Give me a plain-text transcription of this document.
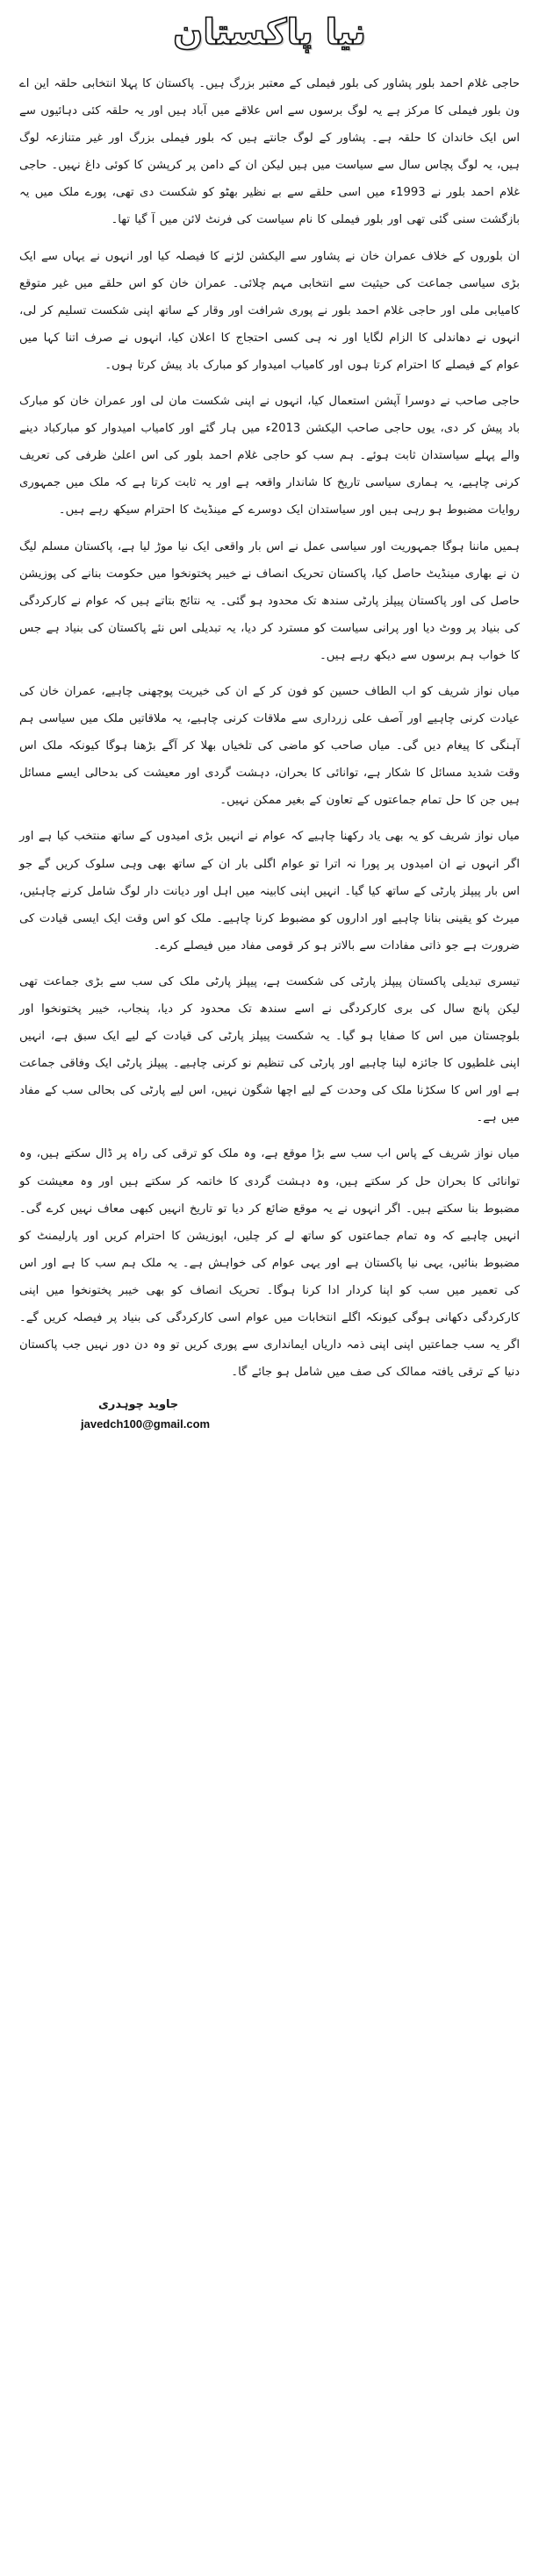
نیا پاکستان

حاجی غلام احمد بلور پشاور کی بلور فیملی کے معتبر بزرگ ہیں۔ پاکستان کا پہلا انتخابی حلقہ این اے ون بلور فیملی کا مرکز ہے یہ لوگ برسوں سے اس علاقے میں آباد ہیں اور یہ حلقہ کئی دہائیوں سے اس ایک خاندان کا حلقہ ہے۔ پشاور کے لوگ جانتے ہیں کہ بلور فیملی بزرگ اور غیر متنازعہ لوگ ہیں، یہ لوگ پچاس سال سے سیاست میں ہیں لیکن ان کے دامن پر کرپشن کا کوئی داغ نہیں۔ حاجی غلام احمد بلور نے 1993ء میں اسی حلقے سے بے نظیر بھٹو کو شکست دی تھی، پورے ملک میں یہ بازگشت سنی گئی تھی اور بلور فیملی کا نام سیاست کی فرنٹ لائن میں آ گیا تھا۔

ان بلوروں کے خلاف عمران خان نے پشاور سے الیکشن لڑنے کا فیصلہ کیا اور انہوں نے یہاں سے ایک بڑی سیاسی جماعت کی حیثیت سے انتخابی مہم چلائی۔ عمران خان کو اس حلقے میں غیر متوقع کامیابی ملی اور حاجی غلام احمد بلور نے پوری شرافت اور وقار کے ساتھ اپنی شکست تسلیم کر لی، انہوں نے دھاندلی کا الزام لگایا اور نہ ہی کسی احتجاج کا اعلان کیا، انہوں نے صرف اتنا کہا میں عوام کے فیصلے کا احترام کرتا ہوں اور کامیاب امیدوار کو مبارک باد پیش کرتا ہوں۔

حاجی صاحب نے دوسرا آپشن استعمال کیا، انہوں نے اپنی شکست مان لی اور عمران خان کو مبارک باد پیش کر دی، یوں حاجی صاحب الیکشن 2013ء میں ہار گئے اور کامیاب امیدوار کو مبارکباد دینے والے پہلے سیاستدان ثابت ہوئے۔ ہم سب کو حاجی غلام احمد بلور کی اس اعلیٰ ظرفی کی تعریف کرنی چاہیے، یہ ہماری سیاسی تاریخ کا شاندار واقعہ ہے اور یہ ثابت کرتا ہے کہ ملک میں جمہوری روایات مضبوط ہو رہی ہیں اور سیاستدان ایک دوسرے کے مینڈیٹ کا احترام سیکھ رہے ہیں۔

ہمیں ماننا ہوگا جمہوریت اور سیاسی عمل نے اس بار واقعی ایک نیا موڑ لیا ہے، پاکستان مسلم لیگ ن نے بھاری مینڈیٹ حاصل کیا، پاکستان تحریک انصاف نے خیبر پختونخوا میں حکومت بنانے کی پوزیشن حاصل کی اور پاکستان پیپلز پارٹی سندھ تک محدود ہو گئی۔ یہ نتائج بتاتے ہیں کہ عوام نے کارکردگی کی بنیاد پر ووٹ دیا اور پرانی سیاست کو مسترد کر دیا، یہ تبدیلی اس نئے پاکستان کی بنیاد ہے جس کا خواب ہم برسوں سے دیکھ رہے ہیں۔

میاں نواز شریف کو اب الطاف حسین کو فون کر کے ان کی خیریت پوچھنی چاہیے، عمران خان کی عیادت کرنی چاہیے اور آصف علی زرداری سے ملاقات کرنی چاہیے، یہ ملاقاتیں ملک میں سیاسی ہم آہنگی کا پیغام دیں گی۔ میاں صاحب کو ماضی کی تلخیاں بھلا کر آگے بڑھنا ہوگا کیونکہ ملک اس وقت شدید مسائل کا شکار ہے، توانائی کا بحران، دہشت گردی اور معیشت کی بدحالی ایسے مسائل ہیں جن کا حل تمام جماعتوں کے تعاون کے بغیر ممکن نہیں۔

میاں نواز شریف کو یہ بھی یاد رکھنا چاہیے کہ عوام نے انہیں بڑی امیدوں کے ساتھ منتخب کیا ہے اور اگر انہوں نے ان امیدوں پر پورا نہ اترا تو عوام اگلی بار ان کے ساتھ بھی وہی سلوک کریں گے جو اس بار پیپلز پارٹی کے ساتھ کیا گیا۔ انہیں اپنی کابینہ میں اہل اور دیانت دار لوگ شامل کرنے چاہئیں، میرٹ کو یقینی بنانا چاہیے اور اداروں کو مضبوط کرنا چاہیے۔ ملک کو اس وقت ایک ایسی قیادت کی ضرورت ہے جو ذاتی مفادات سے بالاتر ہو کر قومی مفاد میں فیصلے کرے۔

تیسری تبدیلی پاکستان پیپلز پارٹی کی شکست ہے، پیپلز پارٹی ملک کی سب سے بڑی جماعت تھی لیکن پانچ سال کی بری کارکردگی نے اسے سندھ تک محدود کر دیا، پنجاب، خیبر پختونخوا اور بلوچستان میں اس کا صفایا ہو گیا۔ یہ شکست پیپلز پارٹی کی قیادت کے لیے ایک سبق ہے، انہیں اپنی غلطیوں کا جائزہ لینا چاہیے اور پارٹی کی تنظیم نو کرنی چاہیے۔ پیپلز پارٹی ایک وفاقی جماعت ہے اور اس کا سکڑنا ملک کی وحدت کے لیے اچھا شگون نہیں، اس لیے پارٹی کی بحالی سب کے مفاد میں ہے۔

میاں نواز شریف کے پاس اب سب سے بڑا موقع ہے، وہ ملک کو ترقی کی راہ پر ڈال سکتے ہیں، وہ توانائی کا بحران حل کر سکتے ہیں، وہ دہشت گردی کا خاتمہ کر سکتے ہیں اور وہ معیشت کو مضبوط بنا سکتے ہیں۔ اگر انہوں نے یہ موقع ضائع کر دیا تو تاریخ انہیں کبھی معاف نہیں کرے گی۔ انہیں چاہیے کہ وہ تمام جماعتوں کو ساتھ لے کر چلیں، اپوزیشن کا احترام کریں اور پارلیمنٹ کو مضبوط بنائیں، یہی نیا پاکستان ہے اور یہی عوام کی خواہش ہے۔ یہ ملک ہم سب کا ہے اور اس کی تعمیر میں سب کو اپنا کردار ادا کرنا ہوگا۔ تحریک انصاف کو بھی خیبر پختونخوا میں اپنی کارکردگی دکھانی ہوگی کیونکہ اگلے انتخابات میں عوام اسی کارکردگی کی بنیاد پر فیصلہ کریں گے۔ اگر یہ سب جماعتیں اپنی اپنی ذمہ داریاں ایمانداری سے پوری کریں تو وہ دن دور نہیں جب پاکستان دنیا کے ترقی یافتہ ممالک کی صف میں شامل ہو جائے گا۔

جاوید چوہدری
javedch100@gmail.com
